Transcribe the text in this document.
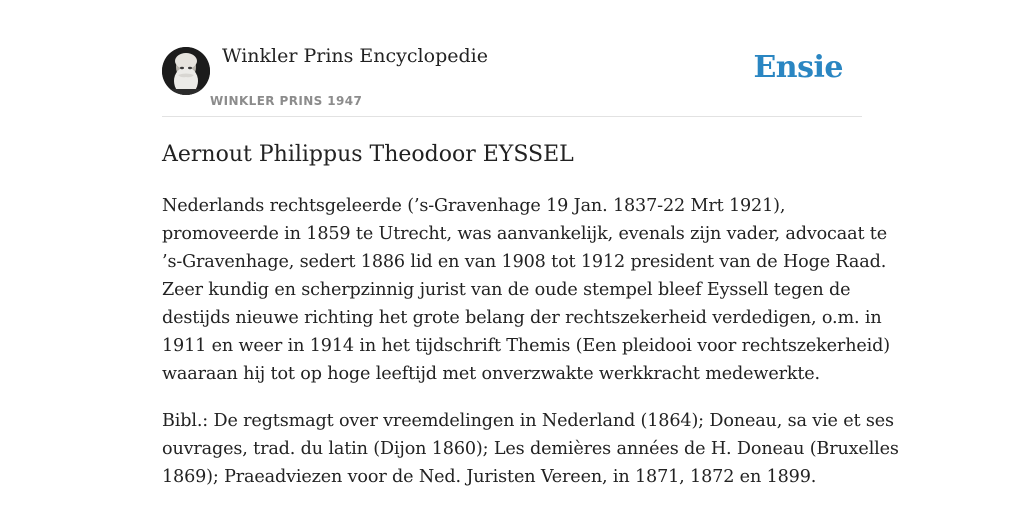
Winkler Prins Encyclopedie
WINKLER PRINS 1947
Ensie
Aernout Philippus Theodoor EYSSEL

Nederlands rechtsgeleerde (’s-Gravenhage 19 Jan. 1837-22 Mrt 1921),
promoveerde in 1859 te Utrecht, was aanvankelijk, evenals zijn vader, advocaat te
’s-Gravenhage, sedert 1886 lid en van 1908 tot 1912 president van de Hoge Raad.
Zeer kundig en scherpzinnig jurist van de oude stempel bleef Eyssell tegen de
destijds nieuwe richting het grote belang der rechtszekerheid verdedigen, o.m. in
1911 en weer in 1914 in het tijdschrift Themis (Een pleidooi voor rechtszekerheid)
waaraan hij tot op hoge leeftijd met onverzwakte werkkracht medewerkte.

Bibl.: De regtsmagt over vreemdelingen in Nederland (1864); Doneau, sa vie et ses
ouvrages, trad. du latin (Dijon 1860); Les demières années de H. Doneau (Bruxelles
1869); Praeadviezen voor de Ned. Juristen Vereen, in 1871, 1872 en 1899.
